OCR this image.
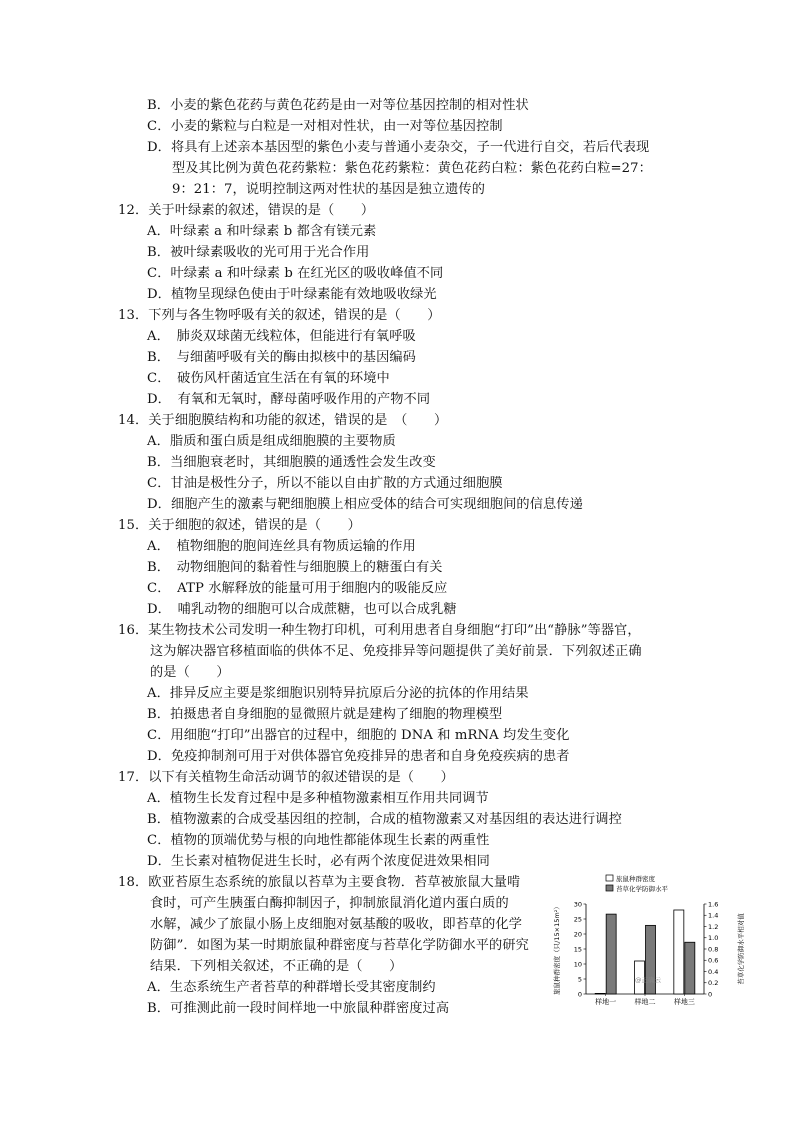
B．小麦的紫色花药与黄色花药是由一对等位基因控制的相对性状
C．小麦的紫粒与白粒是一对相对性状，由一对等位基因控制
D．将具有上述亲本基因型的紫色小麦与普通小麦杂交，子一代进行自交，若后代表现
型及其比例为黄色花药紫粒：紫色花药紫粒：黄色花药白粒：紫色花药白粒=27：
9：21：7，说明控制这两对性状的基因是独立遗传的
12．关于叶绿素的叙述，错误的是（　　）
A．叶绿素 a 和叶绿素 b 都含有镁元素
B．被叶绿素吸收的光可用于光合作用
C．叶绿素 a 和叶绿素 b 在红光区的吸收峰值不同
D．植物呈现绿色使由于叶绿素能有效地吸收绿光
13．下列与各生物呼吸有关的叙述，错误的是（　　）
A．　肺炎双球菌无线粒体，但能进行有氧呼吸
B．　与细菌呼吸有关的酶由拟核中的基因编码
C．　破伤风杆菌适宜生活在有氧的环境中
D．　有氧和无氧时，酵母菌呼吸作用的产物不同
14．关于细胞膜结构和功能的叙述，错误的是　（　　）
A．脂质和蛋白质是组成细胞膜的主要物质
B．当细胞衰老时，其细胞膜的通透性会发生改变
C．甘油是极性分子，所以不能以自由扩散的方式通过细胞膜
D．细胞产生的激素与靶细胞膜上相应受体的结合可实现细胞间的信息传递
15．关于细胞的叙述，错误的是（　　）
A．　植物细胞的胞间连丝具有物质运输的作用
B．　动物细胞间的黏着性与细胞膜上的糖蛋白有关
C．　ATP 水解释放的能量可用于细胞内的吸能反应
D．　哺乳动物的细胞可以合成蔗糖，也可以合成乳糖
16．某生物技术公司发明一种生物打印机，可利用患者自身细胞“打印”出“静脉”等器官，
这为解决器官移植面临的供体不足、免疫排异等问题提供了美好前景．下列叙述正确
的是（　　）
A．排异反应主要是浆细胞识别特异抗原后分泌的抗体的作用结果
B．拍摄患者自身细胞的显微照片就是建构了细胞的物理模型
C．用细胞“打印”出器官的过程中，细胞的 DNA 和 mRNA 均发生变化
D．免疫抑制剂可用于对供体器官免疫排异的患者和自身免疫疾病的患者
17．以下有关植物生命活动调节的叙述错误的是（　　）
A．植物生长发育过程中是多种植物激素相互作用共同调节
B．植物激素的合成受基因组的控制，合成的植物激素又对基因组的表达进行调控
C．植物的顶端优势与根的向地性都能体现生长素的两重性
D．生长素对植物促进生长时，必有两个浓度促进效果相同
18．欧亚苔原生态系统的旅鼠以苔草为主要食物．苔草被旅鼠大量啃
食时，可产生胰蛋白酶抑制因子，抑制旅鼠消化道内蛋白质的
水解，减少了旅鼠小肠上皮细胞对氨基酸的吸收，即苔草的化学
防御”．如图为某一时期旅鼠种群密度与苔草化学防御水平的研究
结果．下列相关叙述，不正确的是（　　）
A．生态系统生产者苔草的种群增长受其密度制约
B．可推测此前一段时间样地一中旅鼠种群密度过高
旅鼠种群密度
苔草化学防御水平
0
5
10
15
20
25
30
0
0.2
0.4
0.6
0.8
1.0
1.2
1.4
1.6
旅鼠种群密度（只/15×15m²）	苔草化学防御水平相对值
样地一	样地二	样地三
@正确云
